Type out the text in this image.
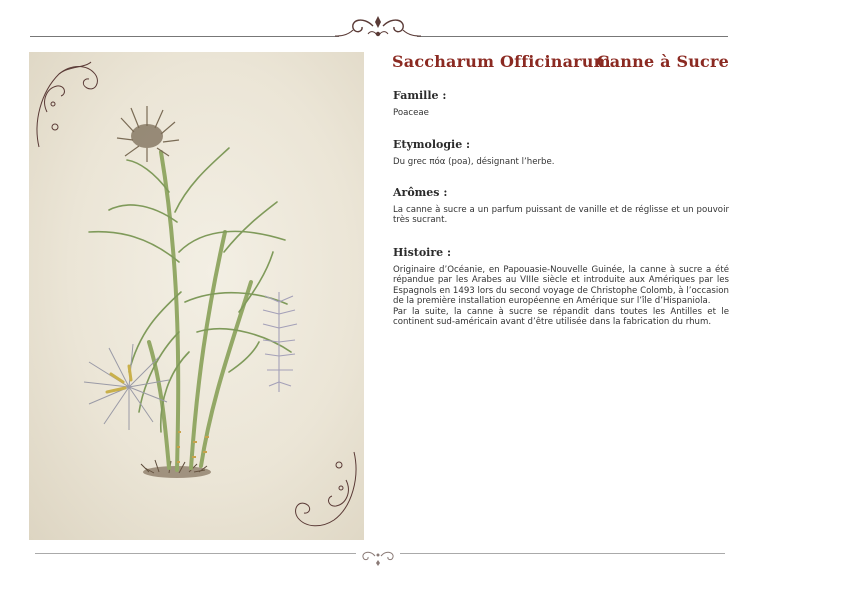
Saccharum Officinarum
Canne à Sucre
Famille :

Poaceae

Etymologie :

Du grec πόα (poa), désignant l’herbe.

Arômes :

La canne à sucre a un parfum puissant de vanille et de réglisse et un pouvoir très sucrant.

Histoire :

Originaire d’Océanie, en Papouasie-Nouvelle Guinée, la canne à sucre a été répandue par les Arabes au VIIIe siècle et introduite aux Amériques par les Espagnols en 1493 lors du second voyage de Christophe Colomb, à l’occasion de la première installation européenne en Amérique sur l’île d’Hispaniola.

Par la suite, la canne à sucre se répandit dans toutes les Antilles et le continent sud-américain avant d’être utilisée dans la fabrication du rhum.
